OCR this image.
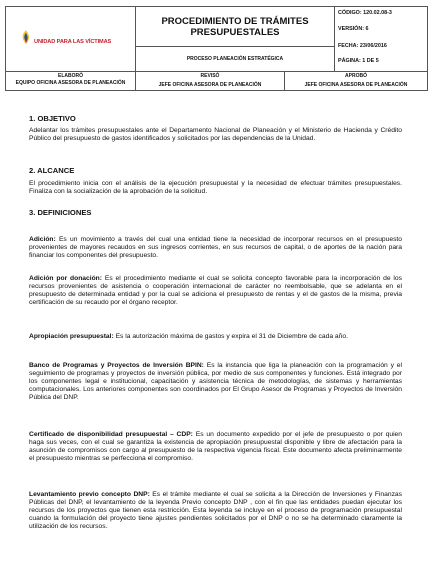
UNIDAD PARA LAS VÍCTIMAS
PROCEDIMIENTO DE TRÁMITES
PRESUPUESTALES
PROCESO PLANEACIÓN ESTRATÉGICA
CÓDIGO: 120.02.08-3
VERSIÓN: 6
FECHA: 23/06/2016
PÁGINA: 1 DE 5
ELABORÓ
EQUIPO OFICINA ASESORA DE PLANEACIÓN
REVISÓ
JEFE OFICINA ASESORA DE PLANEACIÓN
APROBÓ
JEFE OFICINA ASESORA DE PLANEACIÓN
1. OBJETIVO

Adelantar los trámites presupuestales ante el Departamento Nacional de Planeación y el Ministerio de Hacienda y Crédito Público del presupuesto de gastos identificados y solicitados por las dependencias de la Unidad.

2. ALCANCE

El procedimiento inicia con el análisis de la ejecución presupuestal y la necesidad de efectuar trámites presupuestales. Finaliza con la socialización de la aprobación de la solicitud.

3. DEFINICIONES

Adición: Es un movimiento a través del cual una entidad tiene la necesidad de incorporar recursos en el presupuesto provenientes de mayores recaudos en sus ingresos corrientes, en sus recursos de capital, o de aportes de la nación para financiar los componentes del presupuesto.

Adición por donación: Es el procedimiento mediante el cual se solicita concepto favorable para la incorporación de los recursos provenientes de asistencia o cooperación internacional de carácter no reembolsable, que se adelanta en el presupuesto de determinada entidad y por la cual se adiciona el presupuesto de rentas y el de gastos de la misma, previa certificación de su recaudo por el órgano receptor.

Apropiación presupuestal: Es la autorización máxima de gastos y expira el 31 de Diciembre de cada año.

Banco de Programas y Proyectos de Inversión BPIN: Es la instancia que liga la planeación con la programación y el seguimiento de programas y proyectos de inversión pública, por medio de sus componentes y funciones. Está integrado por los componentes legal e institucional, capacitación y asistencia técnica de metodologías, de sistemas y herramientas computacionales. Los anteriores componentes son coordinados por El Grupo Asesor de Programas y Proyectos de Inversión Pública del DNP.

Certificado de disponibilidad presupuestal – CDP: Es un documento expedido por el jefe de presupuesto o por quien haga sus veces, con el cual se garantiza la existencia de apropiación presupuestal disponible y libre de afectación para la asunción de compromisos con cargo al presupuesto de la respectiva vigencia fiscal. Este documento afecta preliminarmente el presupuesto mientras se perfecciona el compromiso.

Levantamiento previo concepto DNP: Es el trámite mediante el cual se solicita a la Dirección de Inversiones y Finanzas Públicas del DNP, el levantamiento de la leyenda Previo concepto DNP , con el fin que las entidades puedan ejecutar los recursos de los proyectos que tienen esta restricción. Esta leyenda se incluye en el proceso de programación presupuestal cuando la formulación del proyecto tiene ajustes pendientes solicitados por el DNP o no se ha determinado claramente la utilización de los recursos.
